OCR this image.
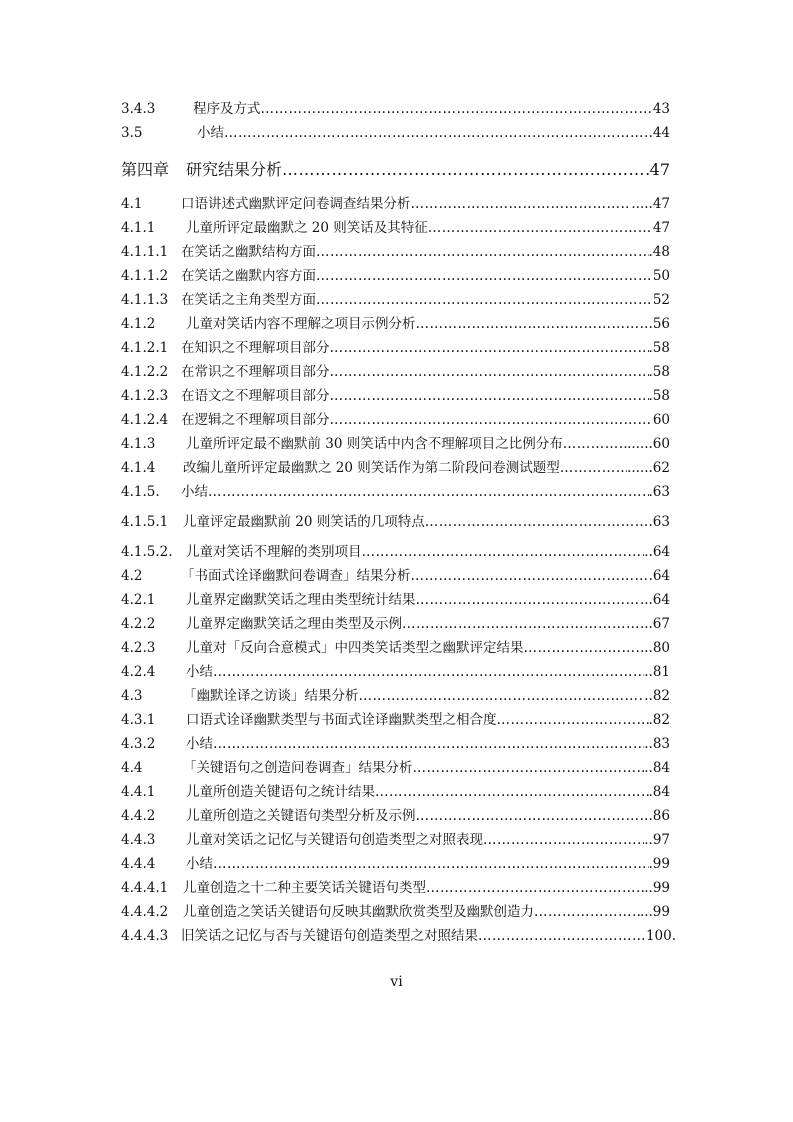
3.4.3	程序及方式 …………………………………………………………………………………………………………………………………………………………………………………………	43
3.5	小结 …………………………………………………………………………………………………………………………………………………………………………………………	44
第四章 研究结果分析 …………………………………………………………………………………………………………………………………………………………………………………………	47
4.1	口语讲述式幽默评定问卷调查结果分析 …………………………………………………………………………………………………………………………………………………………………………………………	.....47
4.1.1 儿童所评定最幽默之 20 则笑话及其特征 …………………………………………………………………………………………………………………………………………………………………………………………	47
4.1.1.1 在笑话之幽默结构方面 …………………………………………………………………………………………………………………………………………………………………………………………	.48
4.1.1.2 在笑话之幽默内容方面 …………………………………………………………………………………………………………………………………………………………………………………………	50
4.1.1.3 在笑话之主角类型方面 …………………………………………………………………………………………………………………………………………………………………………………………	52
4.1.2 儿童对笑话内容不理解之项目示例分析 …………………………………………………………………………………………………………………………………………………………………………………………	56
4.1.2.1 在知识之不理解项目部分 …………………………………………………………………………………………………………………………………………………………………………………………	.58
4.1.2.2 在常识之不理解项目部分 …………………………………………………………………………………………………………………………………………………………………………………………	.58
4.1.2.3 在语文之不理解项目部分 …………………………………………………………………………………………………………………………………………………………………………………………	.58
4.1.2.4 在逻辑之不理解项目部分 …………………………………………………………………………………………………………………………………………………………………………………………	60
4.1.3 儿童所评定最不幽默前 30 则笑话中内含不理解项目之比例分布 …………………………………………………………………………………………………………………………………………………………………………………………	......60
4.1.4 改编儿童所评定最幽默之 20 则笑话作为第二阶段问卷测试题型 …………………………………………………………………………………………………………………………………………………………………………………………	......62
4.1.5. 小结 …………………………………………………………………………………………………………………………………………………………………………………………	.63
4.1.5.1 儿童评定最幽默前 20 则笑话的几项特点 …………………………………………………………………………………………………………………………………………………………………………………………	.63
4.1.5.2. 儿童对笑话不理解的类别项目 …………………………………………………………………………………………………………………………………………………………………………………………	..64
4.2	「书面式诠译幽默问卷调查」结果分析 …………………………………………………………………………………………………………………………………………………………………………………………	64
4.2.1 儿童界定幽默笑话之理由类型统计结果 …………………………………………………………………………………………………………………………………………………………………………………………	...64
4.2.2 儿童界定幽默笑话之理由类型及示例 …………………………………………………………………………………………………………………………………………………………………………………………	...67
4.2.3 儿童对「反向合意模式」中四类笑话类型之幽默评定结果 …………………………………………………………………………………………………………………………………………………………………………………………	..80
4.2.4 小结 …………………………………………………………………………………………………………………………………………………………………………………………	..81
4.3	「幽默诠译之访谈」结果分析 …………………………………………………………………………………………………………………………………………………………………………………………	..82
4.3.1 口语式诠译幽默类型与书面式诠译幽默类型之相合度 …………………………………………………………………………………………………………………………………………………………………………………………	.82
4.3.2 小结 …………………………………………………………………………………………………………………………………………………………………………………………	..83
4.4	「关键语句之创造问卷调查」结果分析 …………………………………………………………………………………………………………………………………………………………………………………………	..84
4.4.1 儿童所创造关键语句之统计结果 …………………………………………………………………………………………………………………………………………………………………………………………	.84
4.4.2 儿童所创造之关键语句类型分析及示例 …………………………………………………………………………………………………………………………………………………………………………………………	.86
4.4.3 儿童对笑话之记忆与关键语句创造类型之对照表现 …………………………………………………………………………………………………………………………………………………………………………………………	..97
4.4.4 小结 …………………………………………………………………………………………………………………………………………………………………………………………	.99
4.4.4.1 儿童创造之十二种主要笑话关键语句类型 …………………………………………………………………………………………………………………………………………………………………………………………	..99
4.4.4.2 儿童创造之笑话关键语句反映其幽默欣赏类型及幽默创造力 …………………………………………………………………………………………………………………………………………………………………………………………	...99
4.4.4.3 旧笑话之记忆与否与关键语句创造类型之对照结果 …………………………………………………………………………………………………………………………………………………………………………………………	100.
vi
